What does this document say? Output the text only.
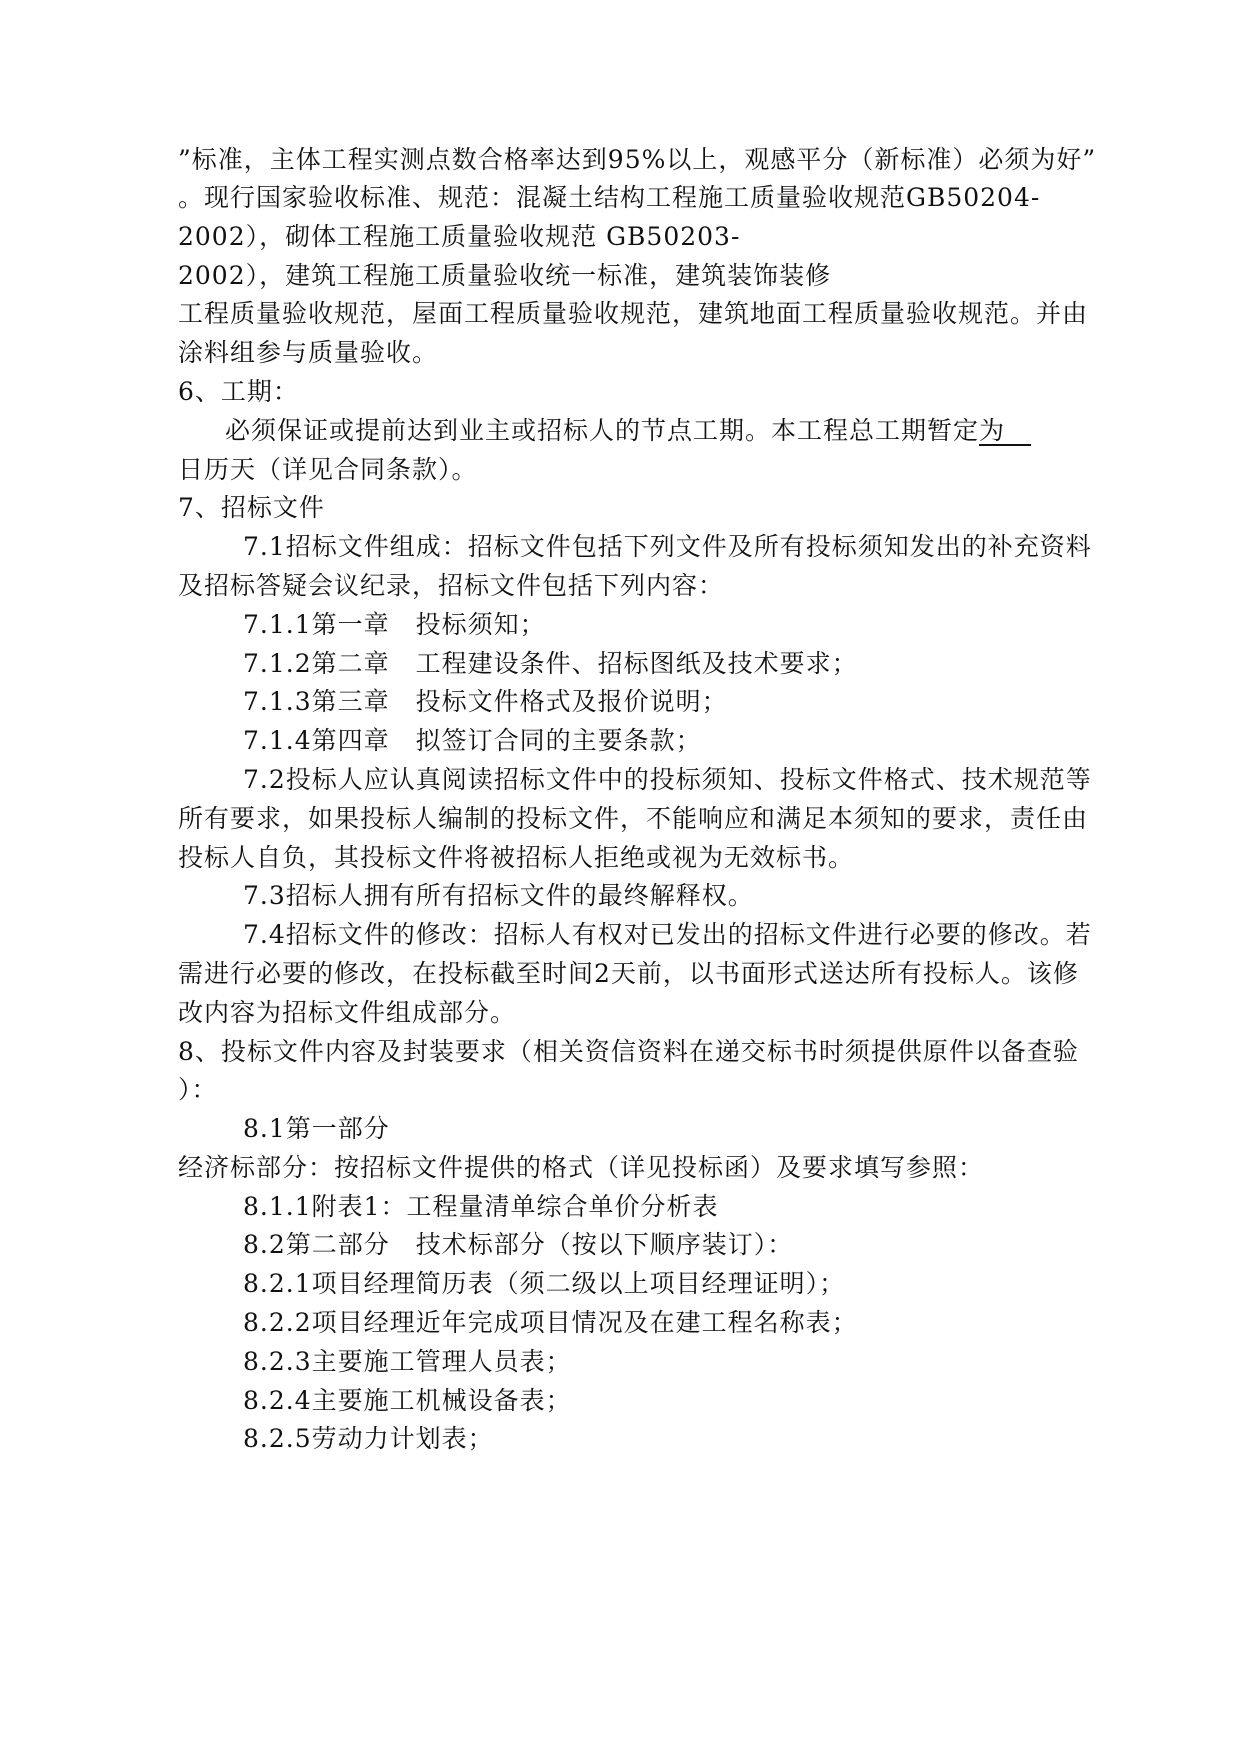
”标准，主体工程实测点数合格率达到95%以上，观感平分（新标准）必须为好”
。现行国家验收标准、规范：混凝土结构工程施工质量验收规范GB50204-
2002），砌体工程施工质量验收规范 GB50203-
2002），建筑工程施工质量验收统一标准，建筑装饰装修
工程质量验收规范，屋面工程质量验收规范，建筑地面工程质量验收规范。并由
涂料组参与质量验收。
6、工期：
必须保证或提前达到业主或招标人的节点工期。本工程总工期暂定为　
日历天（详见合同条款）。
7、招标文件
7.1招标文件组成：招标文件包括下列文件及所有投标须知发出的补充资料
及招标答疑会议纪录，招标文件包括下列内容：
7.1.1第一章　投标须知；
7.1.2第二章　工程建设条件、招标图纸及技术要求；
7.1.3第三章　投标文件格式及报价说明；
7.1.4第四章　拟签订合同的主要条款；
7.2投标人应认真阅读招标文件中的投标须知、投标文件格式、技术规范等
所有要求，如果投标人编制的投标文件，不能响应和满足本须知的要求，责任由
投标人自负，其投标文件将被招标人拒绝或视为无效标书。
7.3招标人拥有所有招标文件的最终解释权。
7.4招标文件的修改：招标人有权对已发出的招标文件进行必要的修改。若
需进行必要的修改，在投标截至时间2天前，以书面形式送达所有投标人。该修
改内容为招标文件组成部分。
8、投标文件内容及封装要求（相关资信资料在递交标书时须提供原件以备查验
）：
8.1第一部分
经济标部分：按招标文件提供的格式（详见投标函）及要求填写参照：
8.1.1附表1：工程量清单综合单价分析表
8.2第二部分　技术标部分（按以下顺序装订）：
8.2.1项目经理简历表（须二级以上项目经理证明）；
8.2.2项目经理近年完成项目情况及在建工程名称表；
8.2.3主要施工管理人员表；
8.2.4主要施工机械设备表；
8.2.5劳动力计划表；
